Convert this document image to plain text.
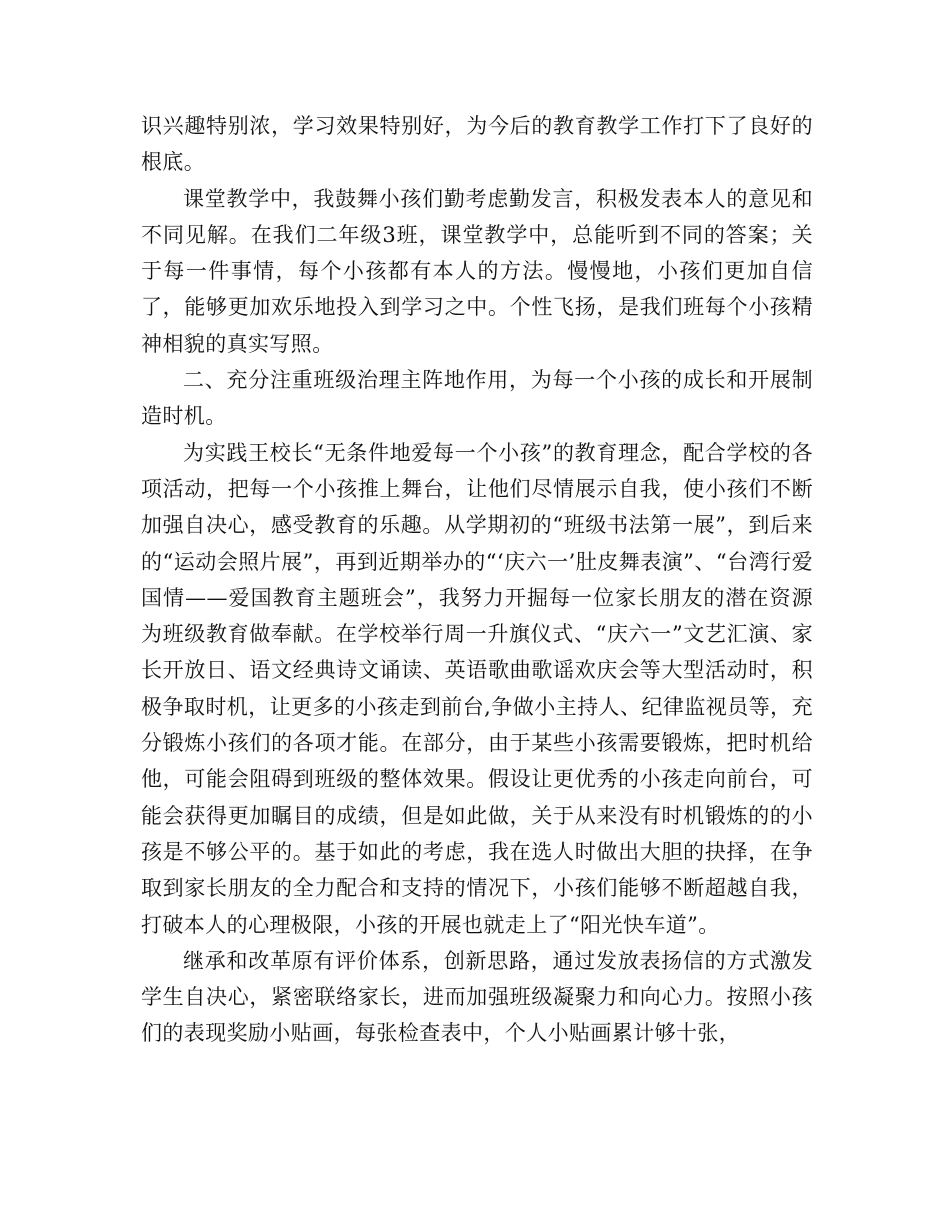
识兴趣特别浓，学习效果特别好，为今后的教育教学工作打下了良好的根底。

课堂教学中，我鼓舞小孩们勤考虑勤发言，积极发表本人的意见和不同见解。在我们二年级3班，课堂教学中，总能听到不同的答案；关于每一件事情，每个小孩都有本人的方法。慢慢地，小孩们更加自信了，能够更加欢乐地投入到学习之中。个性飞扬，是我们班每个小孩精神相貌的真实写照。

二、充分注重班级治理主阵地作用，为每一个小孩的成长和开展制造时机。

为实践王校长“无条件地爱每一个小孩”的教育理念，配合学校的各项活动，把每一个小孩推上舞台，让他们尽情展示自我，使小孩们不断加强自决心，感受教育的乐趣。从学期初的“班级书法第一展”，到后来的“运动会照片展”，再到近期举办的“‘庆六一’肚皮舞表演”、“台湾行爱国情——爱国教育主题班会”，我努力开掘每一位家长朋友的潜在资源为班级教育做奉献。在学校举行周一升旗仪式、“庆六一”文艺汇演、家长开放日、语文经典诗文诵读、英语歌曲歌谣欢庆会等大型活动时，积极争取时机，让更多的小孩走到前台,争做小主持人、纪律监视员等，充分锻炼小孩们的各项才能。在部分，由于某些小孩需要锻炼，把时机给他，可能会阻碍到班级的整体效果。假设让更优秀的小孩走向前台，可能会获得更加瞩目的成绩，但是如此做，关于从来没有时机锻炼的的小孩是不够公平的。基于如此的考虑，我在选人时做出大胆的抉择，在争取到家长朋友的全力配合和支持的情况下，小孩们能够不断超越自我，打破本人的心理极限，小孩的开展也就走上了“阳光快车道”。

继承和改革原有评价体系，创新思路，通过发放表扬信的方式激发学生自决心，紧密联络家长，进而加强班级凝聚力和向心力。按照小孩们的表现奖励小贴画，每张检查表中，个人小贴画累计够十张，
